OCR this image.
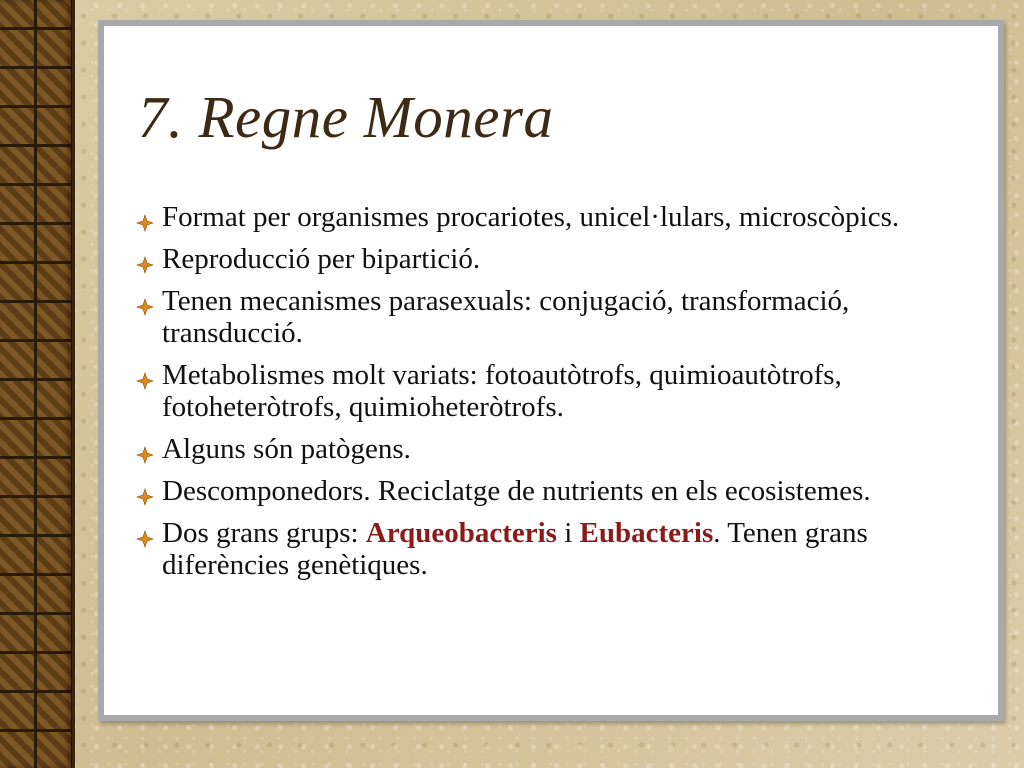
7. Regne Monera
Format per organismes procariotes, unicel·lulars, microscòpics.
Reproducció per bipartició.
Tenen mecanismes parasexuals: conjugació, transformació, transducció.
Metabolismes molt variats: fotoautòtrofs, quimioautòtrofs, fotoheteròtrofs, quimioheteròtrofs.
Alguns són patògens.
Descomponedors. Reciclatge de nutrients en els ecosistemes.
Dos grans grups: Arqueobacteris i Eubacteris. Tenen grans diferències genètiques.
